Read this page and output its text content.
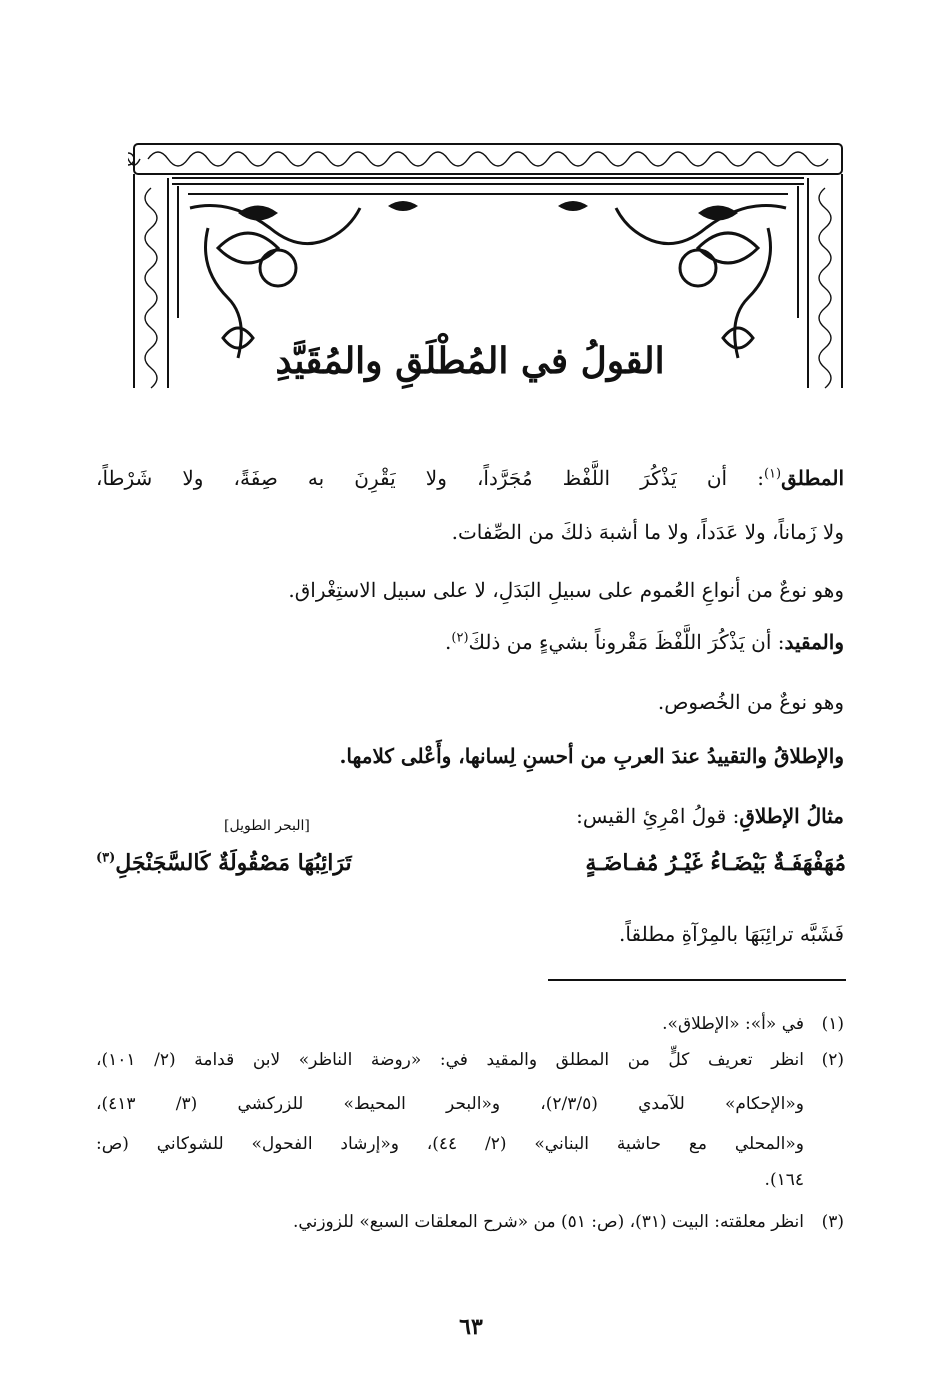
القولُ في المُطْلَقِ والمُقَيَّدِ
المطلق$^{(١)}$: أن يَذْكُرَ اللَّفْظ مُجَرَّداً، ولا يَقْرِنَ به صِفَةً، ولا شَرْطاً،
ولا زَماناً، ولا عَدَداً، ولا ما أشبهَ ذلكَ من الصِّفات.
وهو نوعٌ من أنواعِ العُموم على سبيلِ البَدَلِ، لا على سبيل الاستِغْراق.
والمقيد: أن يَذْكُرَ اللَّفْظَ مَقْروناً بشيءٍ من ذلكَ$^{(٢)}$.
وهو نوعٌ من الخُصوص.
والإطلاقُ والتقييدُ عندَ العربِ من أحسنِ لِسانها، وأَعْلى كلامها.
مثالُ الإطلاقِ: قولُ امْرِئِ القيس:
[البحر الطويل]
مُهَفْهَفَـةٌ بَيْضَـاءُ غَيْـرُ مُفـاضَـةٍ
تَرَائِبُهَا مَصْقُولَةٌ كَالسَّجَنْجَلِ$^{(٣)}$
فَشَبَّه ترائِبَهَا بالمِرْآةِ مطلقاً.
(١)في «أ»: «الإطلاق».
(٢)
انظر تعريف كلٍّ من المطلق والمقيد في: «روضة الناظر» لابن قدامة (٢/ ١٠١)،
و«الإحكام» للآمدي (٢/٣/٥)، و«البحر المحيط» للزركشي (٣/ ٤١٣)،
و«المحلي مع حاشية البناني» (٢/ ٤٤)، و«إرشاد الفحول» للشوكاني (ص:
١٦٤).
(٣)انظر معلقته: البيت (٣١)، (ص: ٥١) من «شرح المعلقات السبع» للزوزني.
٦٣
